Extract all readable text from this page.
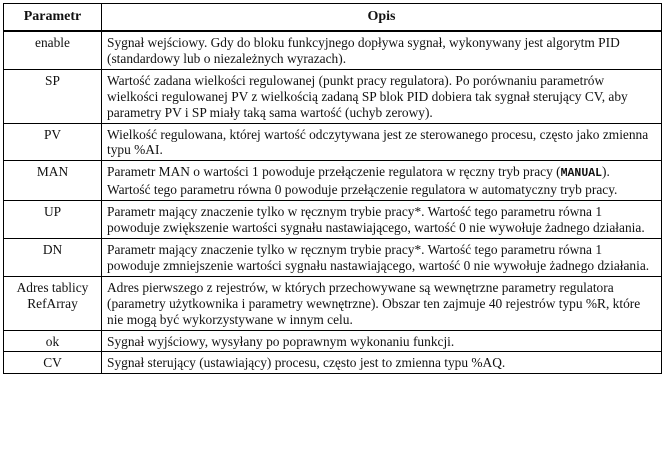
Parametr	Opis
enable	Sygnał wejściowy. Gdy do bloku funkcyjnego dopływa sygnał, wykonywany jest algorytm PID (standardowy lub o niezależnych wyrazach).
SP	Wartość zadana wielkości regulowanej (punkt pracy regulatora). Po porównaniu parametrów wielkości regulowanej PV z wielkością zadaną SP blok PID dobiera tak sygnał sterujący CV, aby parametry PV i SP miały taką sama wartość (uchyb zerowy).
PV	Wielkość regulowana, której wartość odczytywana jest ze sterowanego procesu, często jako zmienna typu %AI.
MAN	Parametr MAN o wartości 1 powoduje przełączenie regulatora w ręczny tryb pracy (MANUAL). Wartość tego parametru równa 0 powoduje przełączenie regulatora w automatyczny tryb pracy.
UP	Parametr mający znaczenie tylko w ręcznym trybie pracy*. Wartość tego parametru równa 1 powoduje zwiększenie wartości sygnału nastawiającego, wartość 0 nie wywołuje żadnego działania.
DN	Parametr mający znaczenie tylko w ręcznym trybie pracy*. Wartość tego parametru równa 1 powoduje zmniejszenie wartości sygnału nastawiającego, wartość 0 nie wywołuje żadnego działania.
Adres tablicy RefArray	Adres pierwszego z rejestrów, w których przechowywane są wewnętrzne parametry regulatora (parametry użytkownika i parametry wewnętrzne). Obszar ten zajmuje 40 rejestrów typu %R, które nie mogą być wykorzystywane w innym celu.
ok	Sygnał wyjściowy, wysyłany po poprawnym wykonaniu funkcji.
CV	Sygnał sterujący (ustawiający) procesu, często jest to zmienna typu %AQ.
